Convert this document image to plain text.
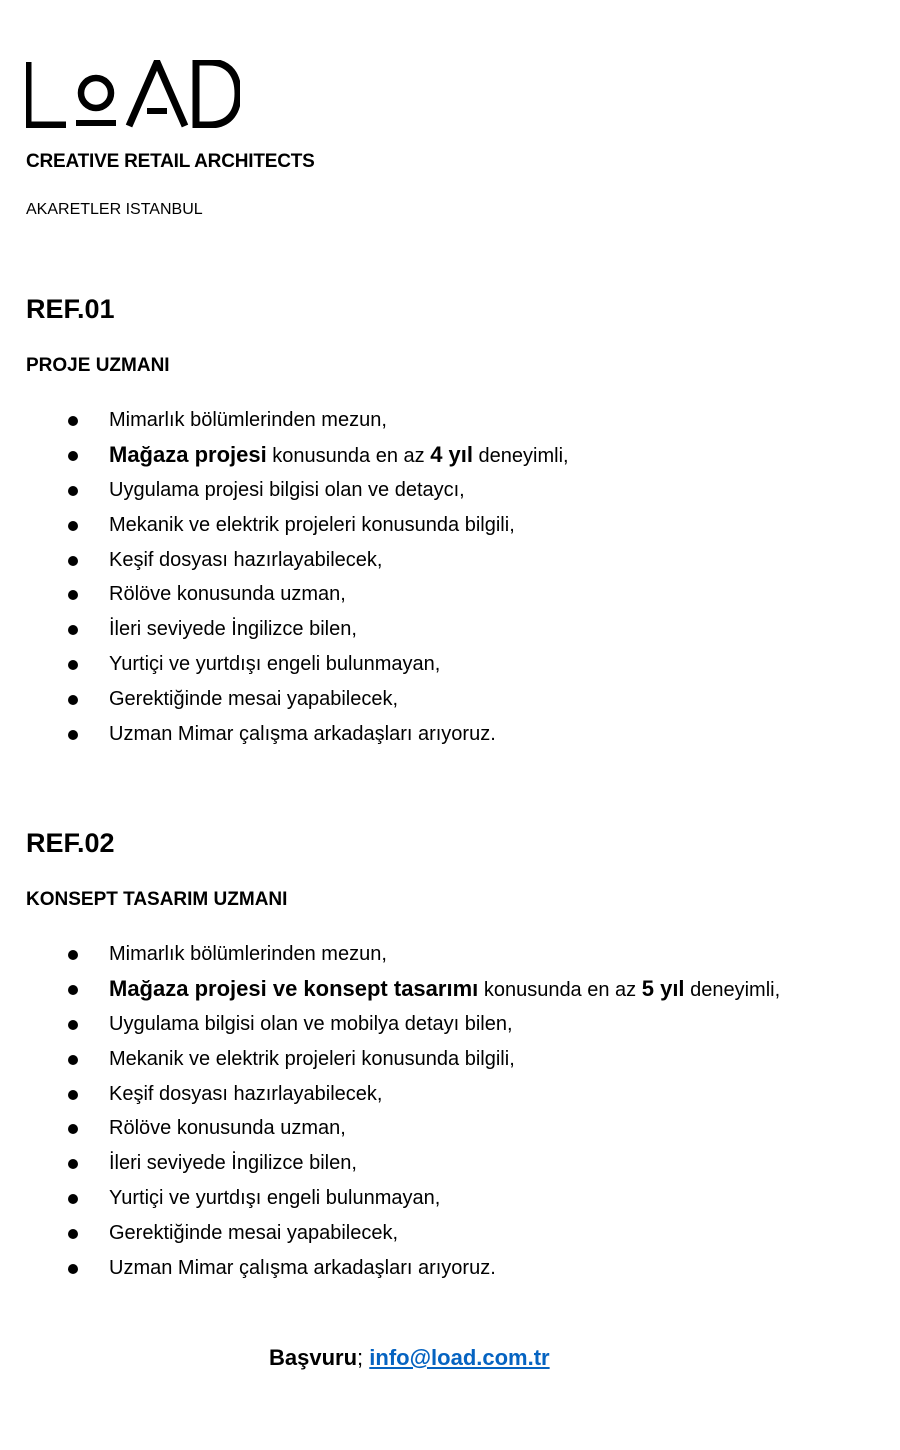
CREATIVE RETAIL ARCHITECTS
AKARETLER ISTANBUL
REF.01
PROJE UZMANI
Mimarlık bölümlerinden mezun,
Mağaza projesi konusunda en az 4 yıl deneyimli,
Uygulama projesi bilgisi olan ve detaycı,
Mekanik ve elektrik projeleri konusunda bilgili,
Keşif dosyası hazırlayabilecek,
Rölöve konusunda uzman,
İleri seviyede İngilizce bilen,
Yurtiçi ve yurtdışı engeli bulunmayan,
Gerektiğinde mesai yapabilecek,
Uzman Mimar çalışma arkadaşları arıyoruz.
REF.02
KONSEPT TASARIM UZMANI
Mimarlık bölümlerinden mezun,
Mağaza projesi ve konsept tasarımı konusunda en az 5 yıl deneyimli,
Uygulama bilgisi olan ve mobilya detayı bilen,
Mekanik ve elektrik projeleri konusunda bilgili,
Keşif dosyası hazırlayabilecek,
Rölöve konusunda uzman,
İleri seviyede İngilizce bilen,
Yurtiçi ve yurtdışı engeli bulunmayan,
Gerektiğinde mesai yapabilecek,
Uzman Mimar çalışma arkadaşları arıyoruz.
Başvuru; info@load.com.tr
